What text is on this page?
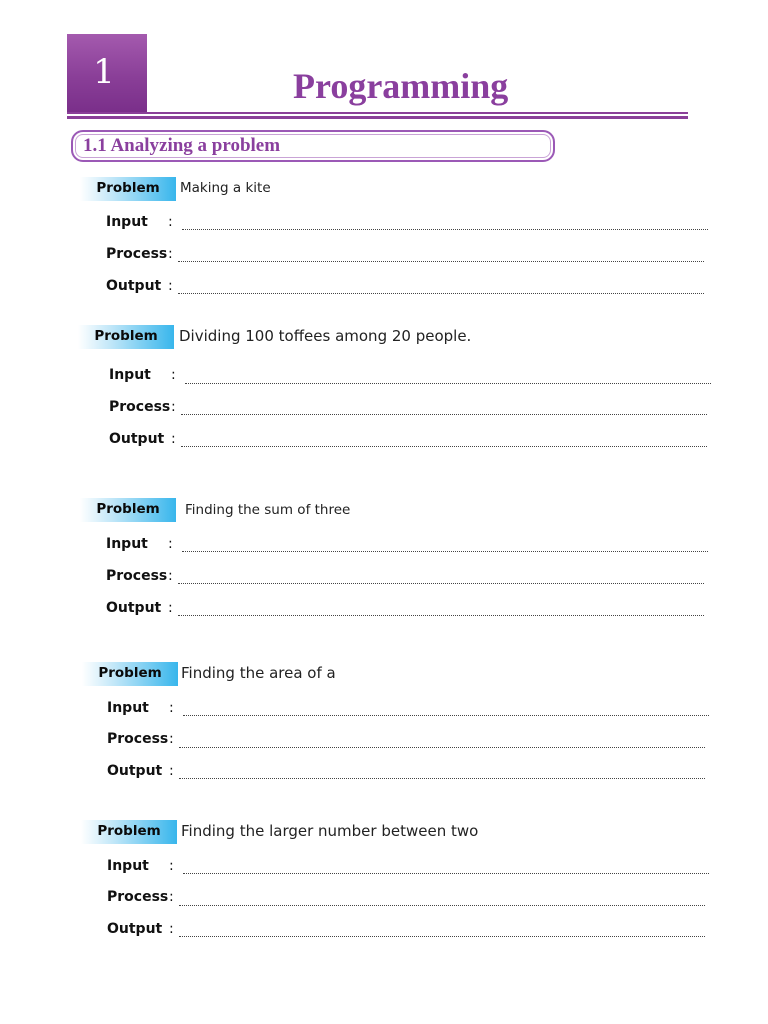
1	Programming
1.1 Analyzing a problem
Problem	Making a kite
Input :
Process :
Output :
Problem	Dividing 100 toffees among 20 people.
Input :
Process :
Output :
Problem	Finding the sum of three
Input :
Process :
Output :
Problem	Finding the area of a
Input :
Process :
Output :
Problem	Finding the larger number between two
Input :
Process :
Output :
